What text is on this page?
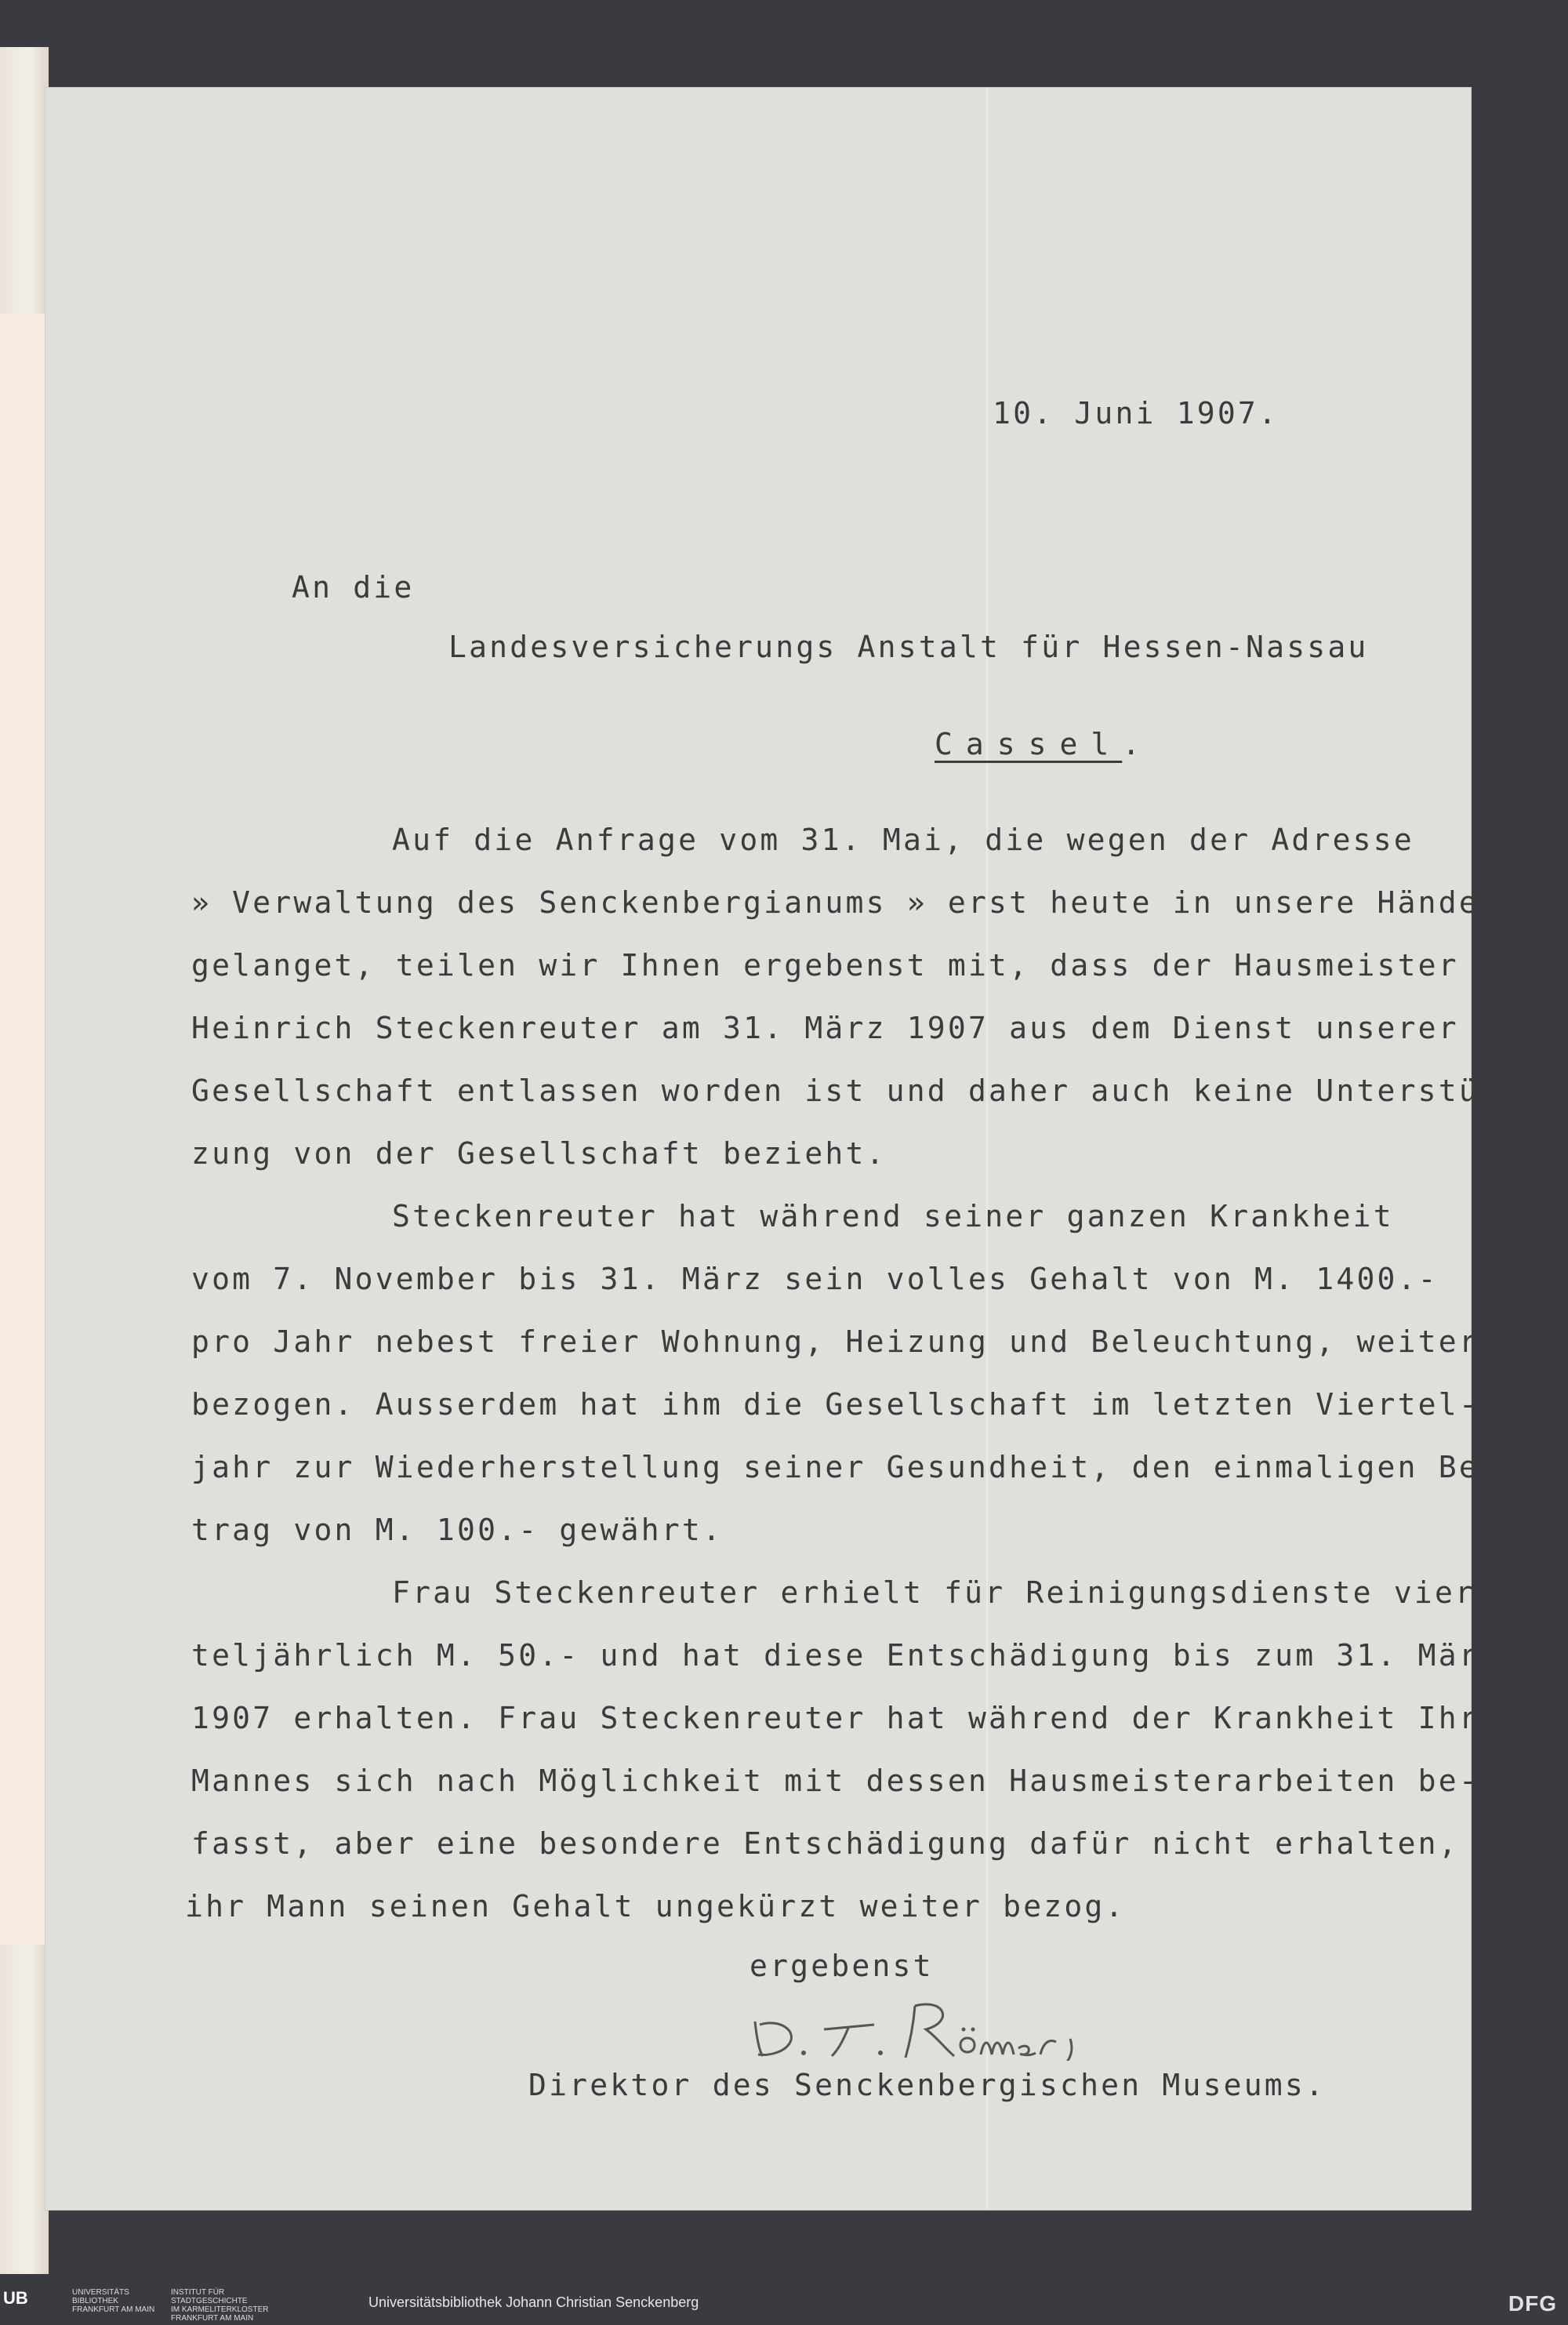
10. Juni 1907.
An die
Landesversicherungs Anstalt für Hessen-Nassau
Cassel.
Auf die Anfrage vom 31. Mai, die wegen der Adresse
» Verwaltung des Senckenbergianums » erst heute in unsere Hände
gelanget, teilen wir Ihnen ergebenst mit, dass der Hausmeister
Heinrich Steckenreuter am 31. März 1907 aus dem Dienst unserer
Gesellschaft entlassen worden ist und daher auch keine Unterstüt-
zung von der Gesellschaft bezieht.
Steckenreuter hat während seiner ganzen Krankheit
vom 7. November bis 31. März sein volles Gehalt von M. 1400.-
pro Jahr nebest freier Wohnung, Heizung und Beleuchtung, weiter
bezogen. Ausserdem hat ihm die Gesellschaft im letzten Viertel-
jahr zur Wiederherstellung seiner Gesundheit, den einmaligen Be-
trag von M. 100.- gewährt.
Frau Steckenreuter erhielt für Reinigungsdienste vier-
teljährlich M. 50.- und hat diese Entschädigung bis zum 31. März
1907 erhalten. Frau Steckenreuter hat während der Krankheit Ihres
Mannes sich nach Möglichkeit mit dessen Hausmeisterarbeiten be-
fasst, aber eine besondere Entschädigung dafür nicht erhalten, da
ihr Mann seinen Gehalt ungekürzt weiter bezog.
ergebenst
D. F. Römer
Direktor des Senckenbergischen Museums.
UB	UNIVERSITÄTS
BIBLIOTHEK
FRANKFURT AM MAIN
INSTITUT FÜR
STADTGESCHICHTE
IM KARMELITERKLOSTER
FRANKFURT AM MAIN
Universitätsbibliothek Johann Christian Senckenberg	DFG
